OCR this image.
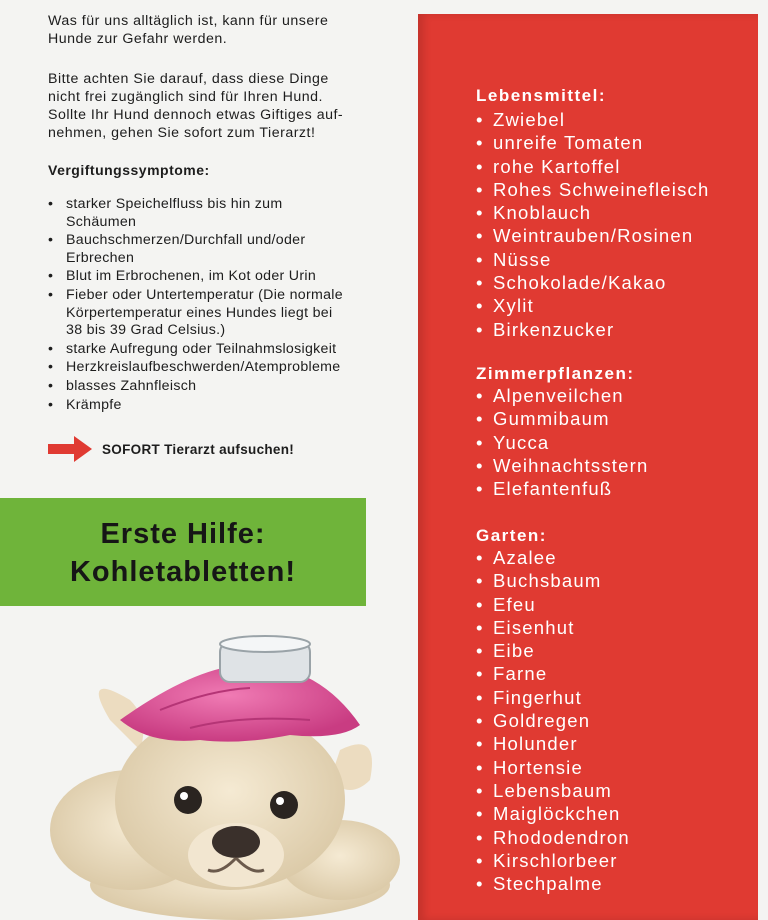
Was für uns alltäglich ist, kann für unsere
Hunde zur Gefahr werden.

Bitte achten Sie darauf, dass diese Dinge
nicht frei zugänglich sind für Ihren Hund.
Sollte Ihr Hund dennoch etwas Giftiges auf-
nehmen, gehen Sie sofort zum Tierarzt!

Vergiftungssymptome:

• starker Speichelfluss bis hin zum
Schäumen
• Bauchschmerzen/Durchfall und/oder
Erbrechen
• Blut im Erbrochenen, im Kot oder Urin
• Fieber oder Untertemperatur (Die normale
Körpertemperatur eines Hundes liegt bei
38 bis 39 Grad Celsius.)
• starke Aufregung oder Teilnahmslosigkeit
• Herzkreislaufbeschwerden/Atemprobleme
• blasses Zahnfleisch
• Krämpfe
SOFORT Tierarzt aufsuchen!
Erste Hilfe:
Kohletabletten!

Lebensmittel:

• Zwiebel
• unreife Tomaten
• rohe Kartoffel
• Rohes Schweinefleisch
• Knoblauch
• Weintrauben/Rosinen
• Nüsse
• Schokolade/Kakao
• Xylit
• Birkenzucker

Zimmerpflanzen:

• Alpenveilchen
• Gummibaum
• Yucca
• Weihnachtsstern
• Elefantenfuß

Garten:

• Azalee
• Buchsbaum
• Efeu
• Eisenhut
• Eibe
• Farne
• Fingerhut
• Goldregen
• Holunder
• Hortensie
• Lebensbaum
• Maiglöckchen
• Rhododendron
• Kirschlorbeer
• Stechpalme
